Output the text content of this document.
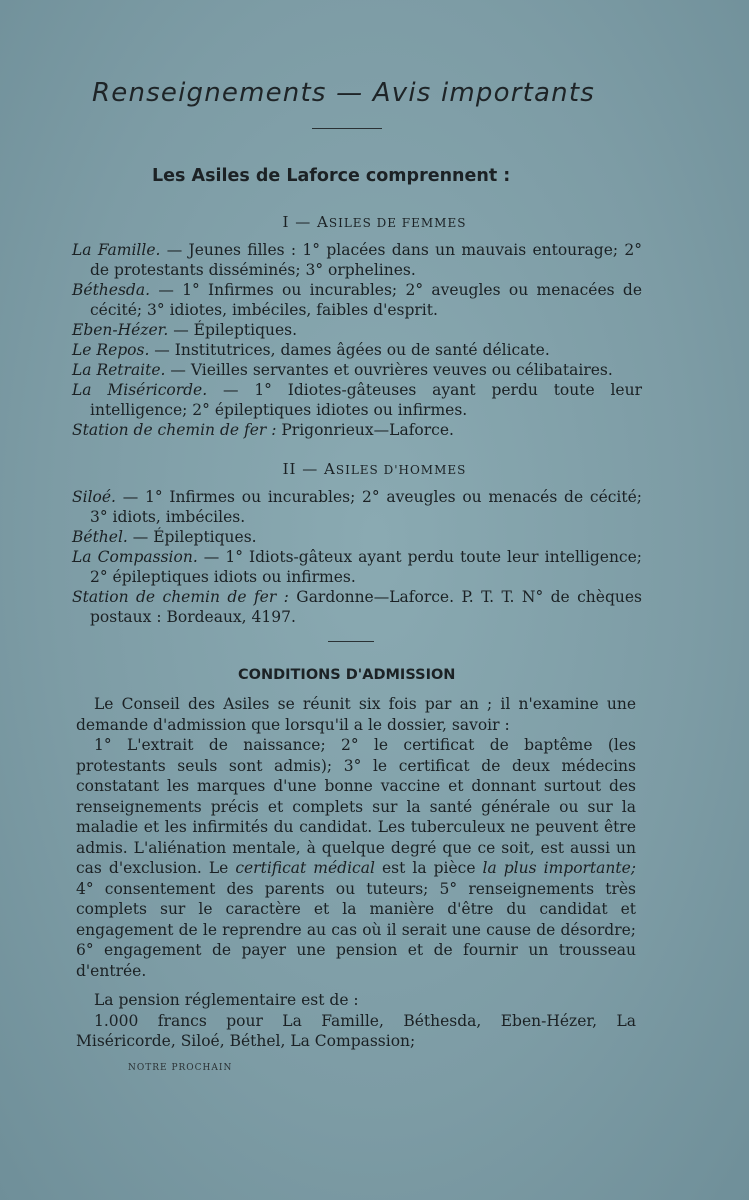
Renseignements — Avis importants
Les Asiles de Laforce comprennent :
I — ASILES DE FEMMES
La Famille. — Jeunes filles : 1° placées dans un mauvais entourage; 2° de protestants disséminés; 3° orphelines.
Béthesda. — 1° Infirmes ou incurables; 2° aveugles ou menacées de cécité; 3° idiotes, imbéciles, faibles d'esprit.
Eben-Hézer. — Épileptiques.
Le Repos. — Institutrices, dames âgées ou de santé délicate.
La Retraite. — Vieilles servantes et ouvrières veuves ou célibataires.
La Miséricorde. — 1° Idiotes-gâteuses ayant perdu toute leur intelligence; 2° épileptiques idiotes ou infirmes.
Station de chemin de fer : Prigonrieux—Laforce.
II — ASILES D'HOMMES
Siloé. — 1° Infirmes ou incurables; 2° aveugles ou menacés de cécité; 3° idiots, imbéciles.
Béthel. — Épileptiques.
La Compassion. — 1° Idiots-gâteux ayant perdu toute leur intelligence; 2° épileptiques idiots ou infirmes.
Station de chemin de fer : Gardonne—Laforce. P. T. T. N° de chèques postaux : Bordeaux, 4197.
CONDITIONS D'ADMISSION

Le Conseil des Asiles se réunit six fois par an ; il n'examine une demande d'admission que lorsqu'il a le dossier, savoir :

1° L'extrait de naissance; 2° le certificat de baptême (les protestants seuls sont admis); 3° le certificat de deux médecins constatant les marques d'une bonne vaccine et donnant surtout des renseignements précis et complets sur la santé générale ou sur la maladie et les infirmités du candidat. Les tuberculeux ne peuvent être admis. L'aliénation mentale, à quelque degré que ce soit, est aussi un cas d'exclusion. Le certificat médical est la pièce la plus importante; 4° consentement des parents ou tuteurs; 5° renseignements très complets sur le caractère et la manière d'être du candidat et engagement de le reprendre au cas où il serait une cause de désordre; 6° engagement de payer une pension et de fournir un trousseau d'entrée.

La pension réglementaire est de :

1.000 francs pour La Famille, Béthesda, Eben-Hézer, La Miséricorde, Siloé, Béthel, La Compassion;

NOTRE PROCHAIN
